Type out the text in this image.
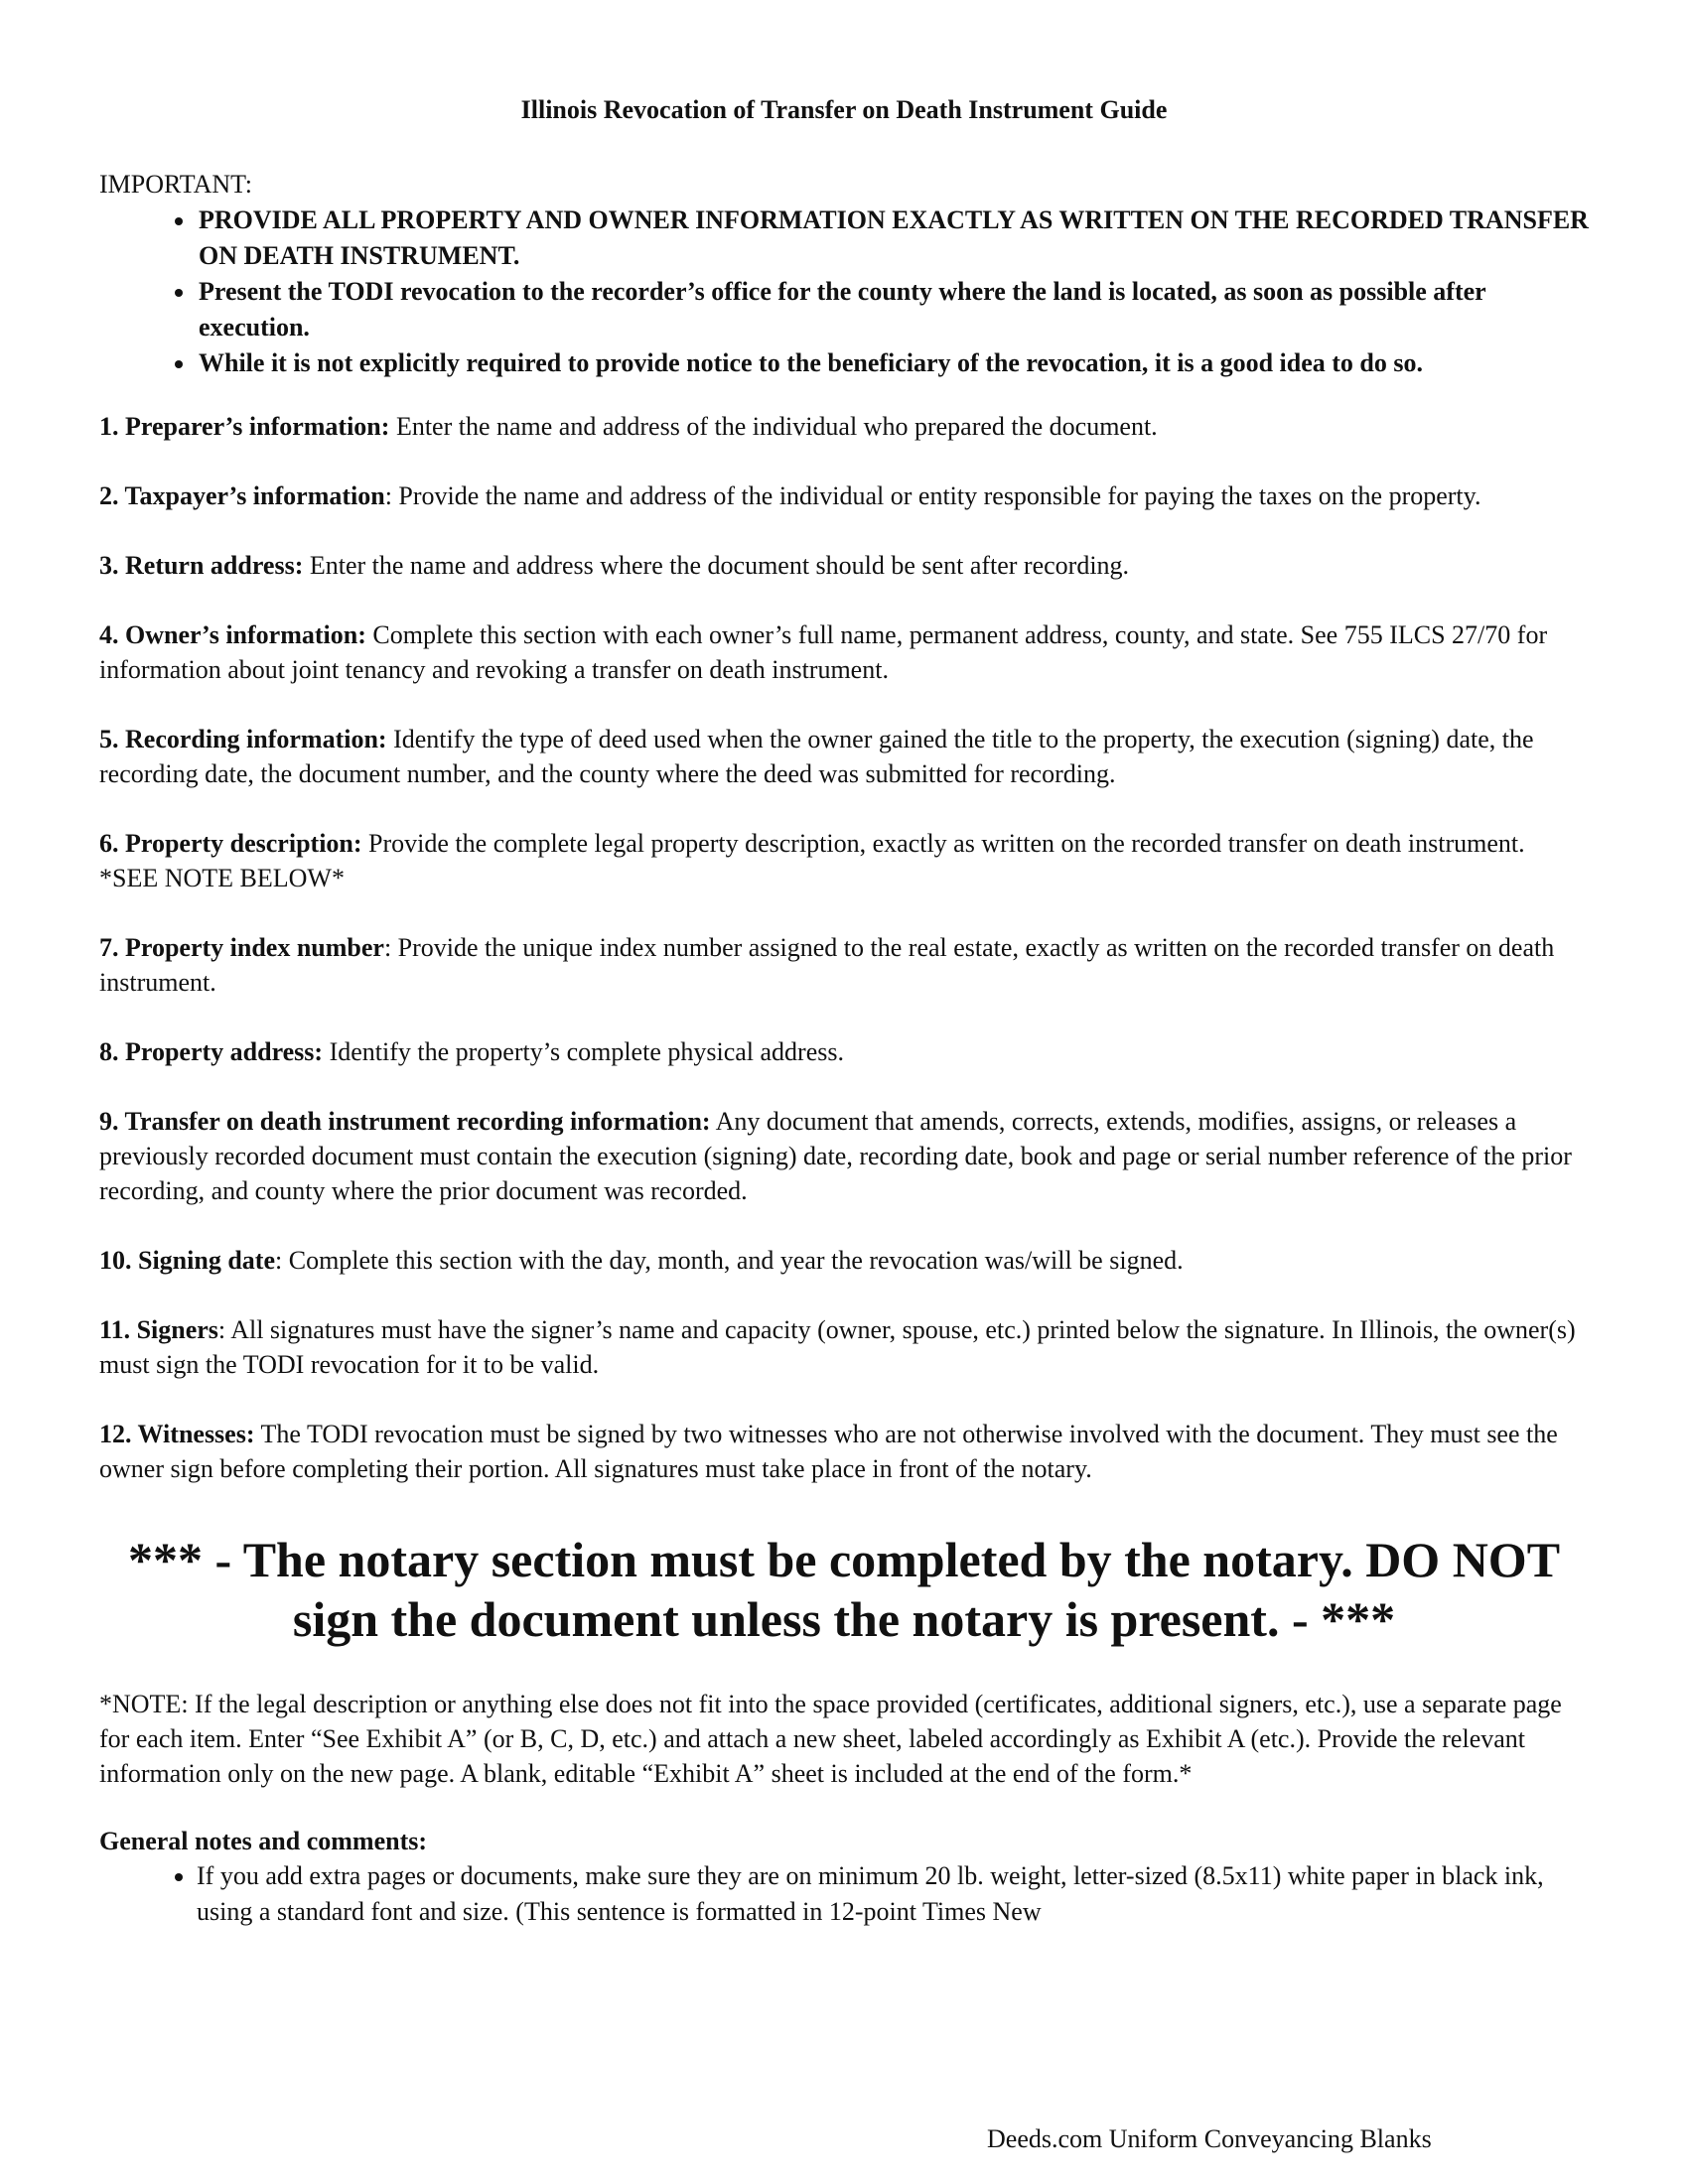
Illinois Revocation of Transfer on Death Instrument Guide
IMPORTANT:
• PROVIDE ALL PROPERTY AND OWNER INFORMATION EXACTLY AS WRITTEN ON THE RECORDED TRANSFER ON DEATH INSTRUMENT.
• Present the TODI revocation to the recorder’s office for the county where the land is located, as soon as possible after execution.
• While it is not explicitly required to provide notice to the beneficiary of the revocation, it is a good idea to do so.

1. Preparer’s information: Enter the name and address of the individual who prepared the document.

2. Taxpayer’s information: Provide the name and address of the individual or entity responsible for paying the taxes on the property.

3. Return address: Enter the name and address where the document should be sent after recording.

4. Owner’s information: Complete this section with each owner’s full name, permanent address, county, and state. See 755 ILCS 27/70 for information about joint tenancy and revoking a transfer on death instrument.

5. Recording information: Identify the type of deed used when the owner gained the title to the property, the execution (signing) date, the recording date, the document number, and the county where the deed was submitted for recording.

6. Property description: Provide the complete legal property description, exactly as written on the recorded transfer on death instrument. *SEE NOTE BELOW*

7. Property index number: Provide the unique index number assigned to the real estate, exactly as written on the recorded transfer on death instrument.

8. Property address: Identify the property’s complete physical address.

9. Transfer on death instrument recording information: Any document that amends, corrects, extends, modifies, assigns, or releases a previously recorded document must contain the execution (signing) date, recording date, book and page or serial number reference of the prior recording, and county where the prior document was recorded.

10. Signing date: Complete this section with the day, month, and year the revocation was/will be signed.

11. Signers: All signatures must have the signer’s name and capacity (owner, spouse, etc.) printed below the signature. In Illinois, the owner(s) must sign the TODI revocation for it to be valid.

12. Witnesses: The TODI revocation must be signed by two witnesses who are not otherwise involved with the document. They must see the owner sign before completing their portion. All signatures must take place in front of the notary.

*** - The notary section must be completed by the notary. DO NOT sign the document unless the notary is present. - ***

*NOTE: If the legal description or anything else does not fit into the space provided (certificates, additional signers, etc.), use a separate page for each item. Enter “See Exhibit A” (or B, C, D, etc.) and attach a new sheet, labeled accordingly as Exhibit A (etc.). Provide the relevant information only on the new page. A blank, editable “Exhibit A” sheet is included at the end of the form.*

General notes and comments:
• If you add extra pages or documents, make sure they are on minimum 20 lb. weight, letter-sized (8.5x11) white paper in black ink, using a standard font and size. (This sentence is formatted in 12-point Times New
Deeds.com Uniform Conveyancing Blanks
